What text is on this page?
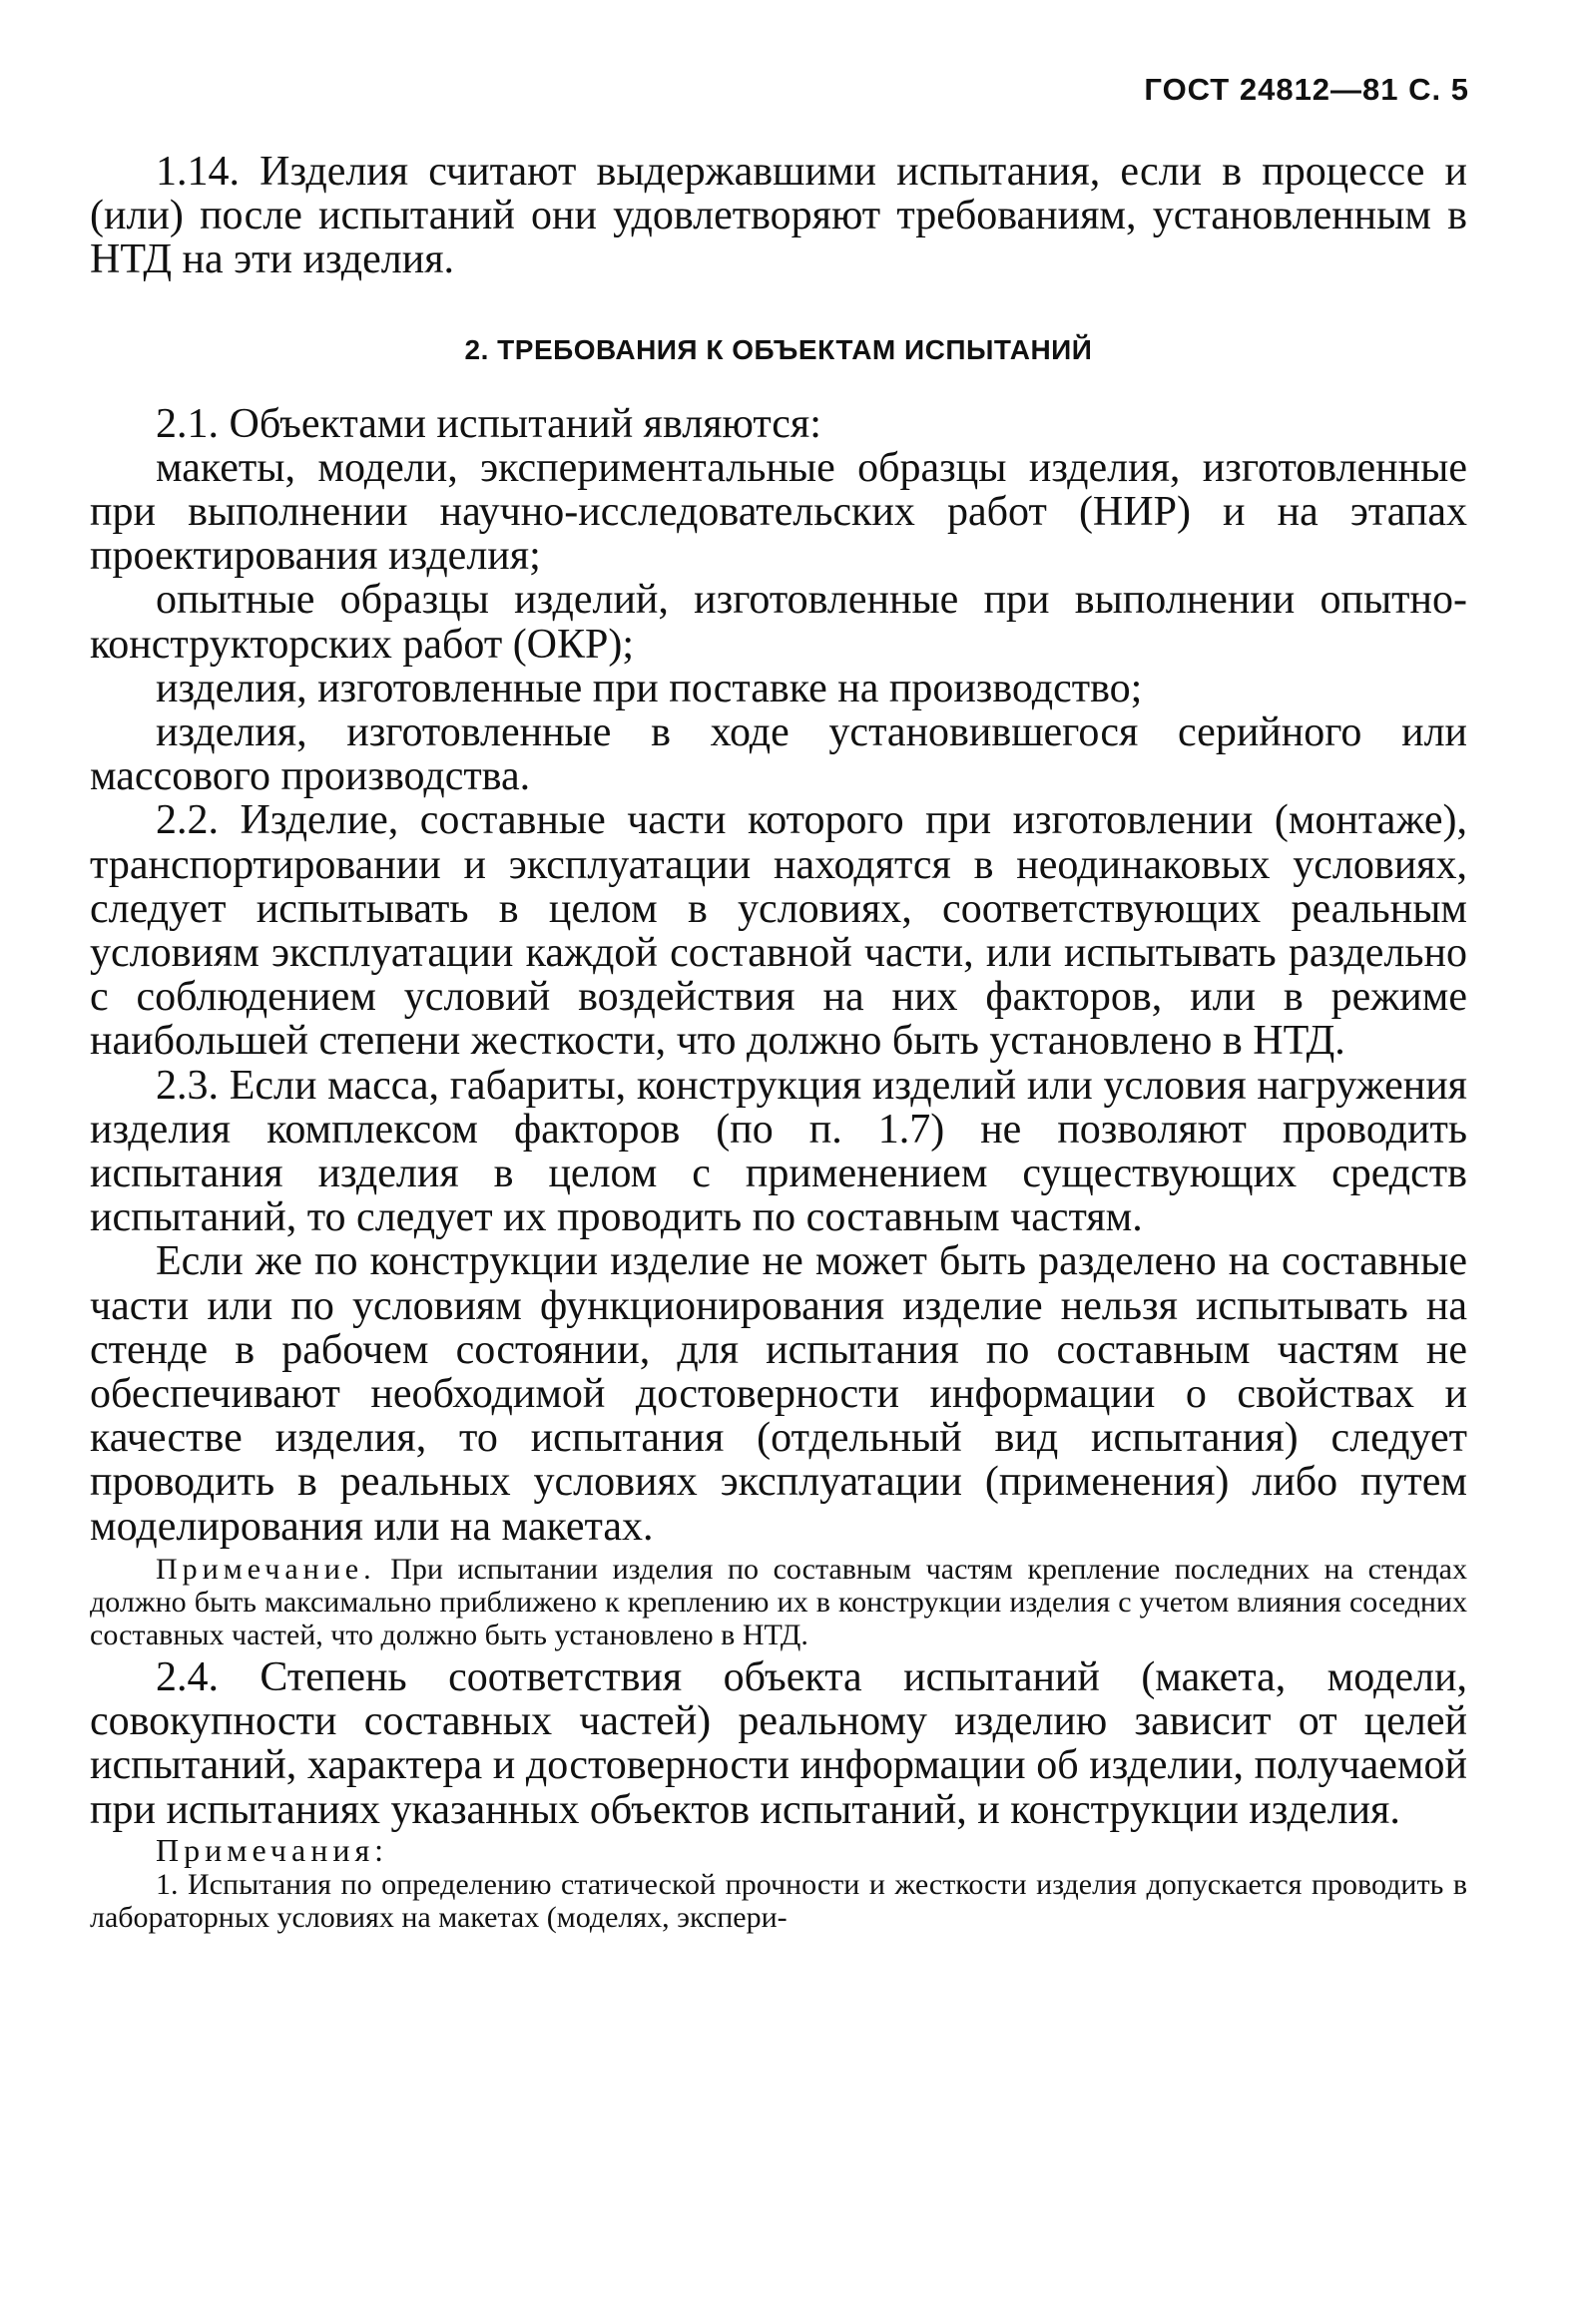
ГОСТ 24812—81 С. 5

1.14. Изделия считают выдержавшими испытания, если в процессе и (или) после испытаний они удовлетворяют требованиям, установленным в НТД на эти изделия.

2. ТРЕБОВАНИЯ К ОБЪЕКТАМ ИСПЫТАНИЙ

2.1. Объектами испытаний являются:

макеты, модели, экспериментальные образцы изделия, изготовленные при выполнении научно-исследовательских работ (НИР) и на этапах проектирования изделия;

опытные образцы изделий, изготовленные при выполнении опытно-конструкторских работ (ОКР);

изделия, изготовленные при поставке на производство;

изделия, изготовленные в ходе установившегося серийного или массового производства.

2.2. Изделие, составные части которого при изготовлении (монтаже), транспортировании и эксплуатации находятся в неодинаковых условиях, следует испытывать в целом в условиях, соответствующих реальным условиям эксплуатации каждой составной части, или испытывать раздельно с соблюдением условий воздействия на них факторов, или в режиме наибольшей степени жесткости, что должно быть установлено в НТД.

2.3. Если масса, габариты, конструкция изделий или условия нагружения изделия комплексом факторов (по п. 1.7) не позволяют проводить испытания изделия в целом с применением существующих средств испытаний, то следует их проводить по составным частям.

Если же по конструкции изделие не может быть разделено на составные части или по условиям функционирования изделие нельзя испытывать на стенде в рабочем состоянии, для испытания по составным частям не обеспечивают необходимой достоверности информации о свойствах и качестве изделия, то испытания (отдельный вид испытания) следует проводить в реальных условиях эксплуатации (применения) либо путем моделирования или на макетах.

Примечание. При испытании изделия по составным частям крепление последних на стендах должно быть максимально приближено к креплению их в конструкции изделия с учетом влияния соседних составных частей, что должно быть установлено в НТД.

2.4. Степень соответствия объекта испытаний (макета, модели, совокупности составных частей) реальному изделию зависит от целей испытаний, характера и достоверности информации об изделии, получаемой при испытаниях указанных объектов испытаний, и конструкции изделия.

Примечания:

1. Испытания по определению статической прочности и жесткости изделия допускается проводить в лабораторных условиях на макетах (моделях, экспери-
